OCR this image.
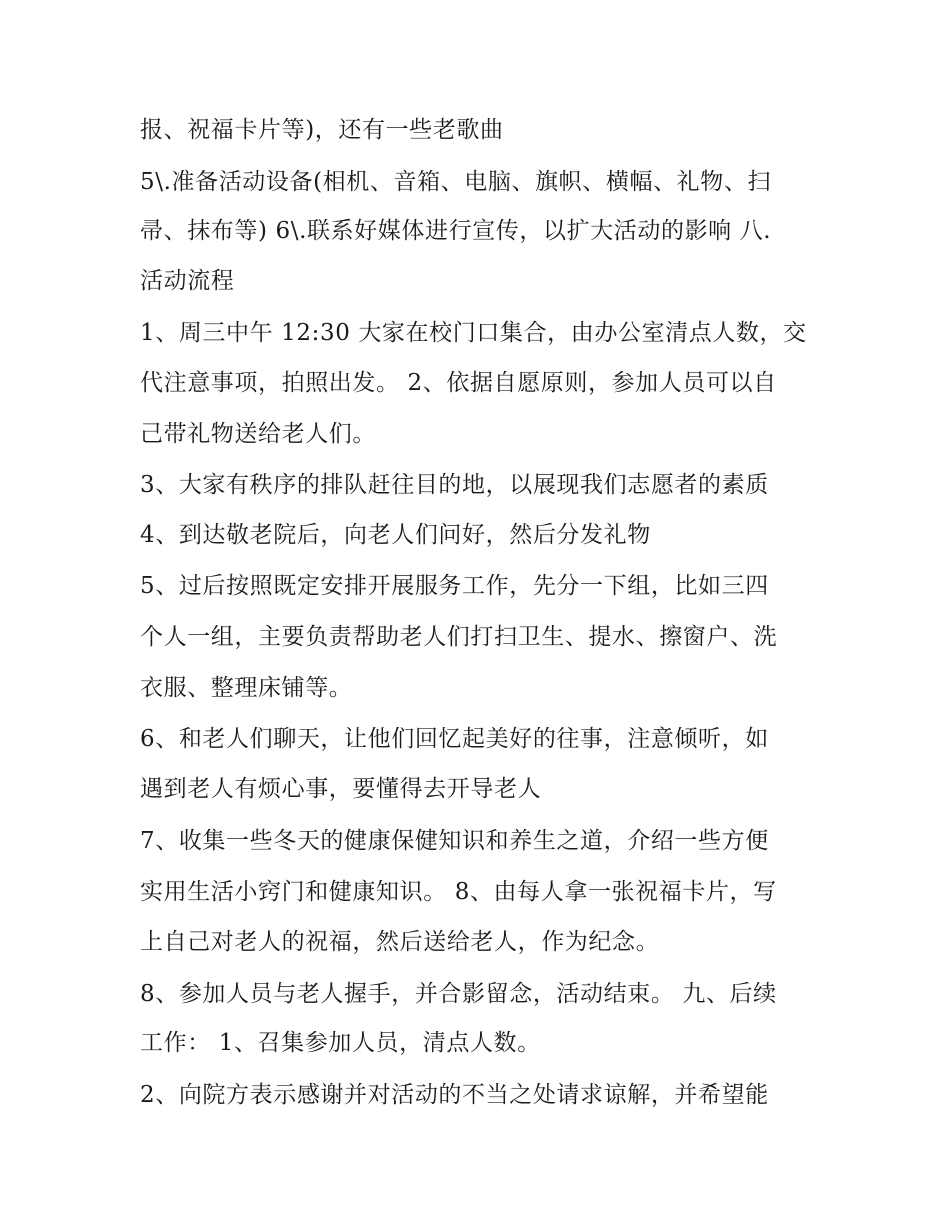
报、祝福卡片等)，还有一些老歌曲
5\.准备活动设备(相机、音箱、电脑、旗帜、横幅、礼物、扫
帚、抹布等) 6\.联系好媒体进行宣传，以扩大活动的影响 八.
活动流程
1、周三中午 12:30 大家在校门口集合，由办公室清点人数，交
代注意事项，拍照出发。 2、依据自愿原则，参加人员可以自
己带礼物送给老人们。
3、大家有秩序的排队赶往目的地，以展现我们志愿者的素质
4、到达敬老院后，向老人们问好，然后分发礼物
5、过后按照既定安排开展服务工作，先分一下组，比如三四
个人一组，主要负责帮助老人们打扫卫生、提水、擦窗户、洗
衣服、整理床铺等。
6、和老人们聊天，让他们回忆起美好的往事，注意倾听，如
遇到老人有烦心事，要懂得去开导老人
7、收集一些冬天的健康保健知识和养生之道，介绍一些方便
实用生活小窍门和健康知识。 8、由每人拿一张祝福卡片，写
上自己对老人的祝福，然后送给老人，作为纪念。
8、参加人员与老人握手，并合影留念，活动结束。 九、后续
工作： 1、召集参加人员，清点人数。
2、向院方表示感谢并对活动的不当之处请求谅解，并希望能
